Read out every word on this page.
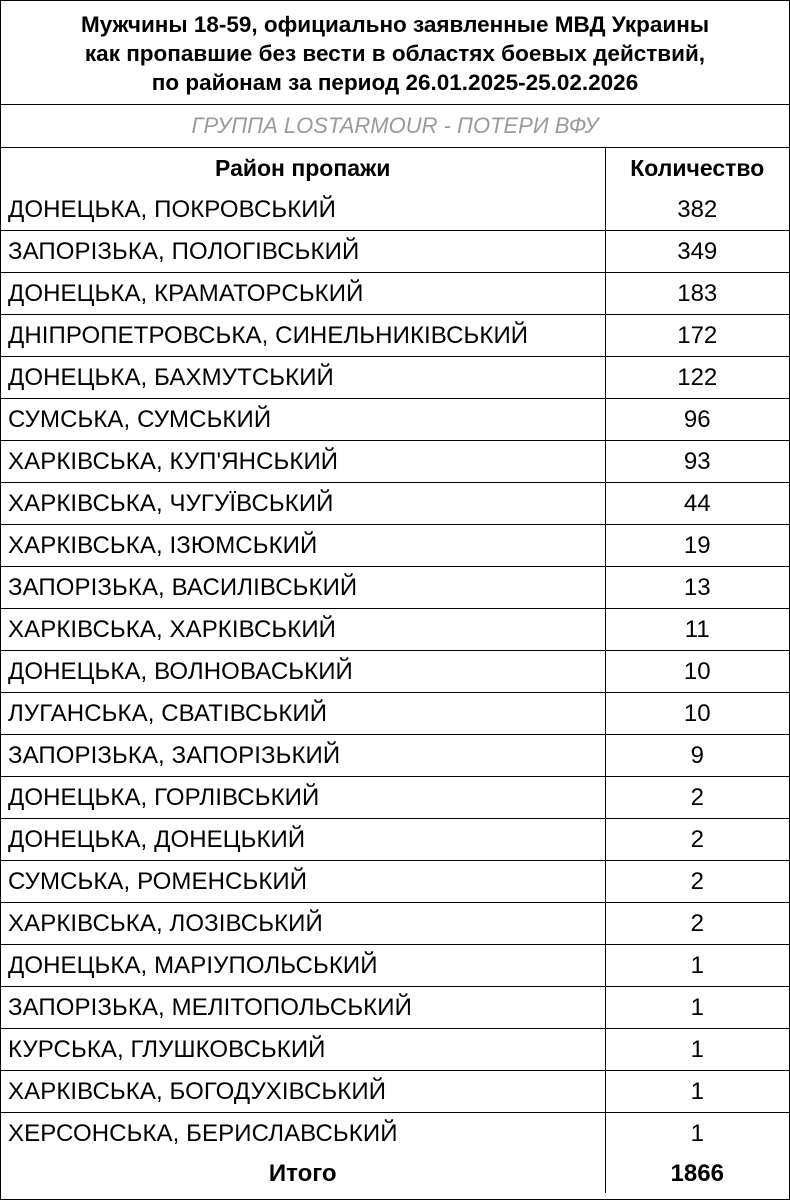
Мужчины 18-59, официально заявленные МВД Украины
как пропавшие без вести в областях боевых действий,
по районам за период 26.01.2025-25.02.2026
ГРУППА LOSTARMOUR - ПОТЕРИ ВФУ
Район пропажи	Количество
ДОНЕЦЬКА, ПОКРОВСЬКИЙ	382
ЗАПОРІЗЬКА, ПОЛОГІВСЬКИЙ	349
ДОНЕЦЬКА, КРАМАТОРСЬКИЙ	183
ДНІПРОПЕТРОВСЬКА, СИНЕЛЬНИКІВСЬКИЙ	172
ДОНЕЦЬКА, БАХМУТСЬКИЙ	122
СУМСЬКА, СУМСЬКИЙ	96
ХАРКІВСЬКА, КУП'ЯНСЬКИЙ	93
ХАРКІВСЬКА, ЧУГУЇВСЬКИЙ	44
ХАРКІВСЬКА, ІЗЮМСЬКИЙ	19
ЗАПОРІЗЬКА, ВАСИЛІВСЬКИЙ	13
ХАРКІВСЬКА, ХАРКІВСЬКИЙ	11
ДОНЕЦЬКА, ВОЛНОВАСЬКИЙ	10
ЛУГАНСЬКА, СВАТІВСЬКИЙ	10
ЗАПОРІЗЬКА, ЗАПОРІЗЬКИЙ	9
ДОНЕЦЬКА, ГОРЛІВСЬКИЙ	2
ДОНЕЦЬКА, ДОНЕЦЬКИЙ	2
СУМСЬКА, РОМЕНСЬКИЙ	2
ХАРКІВСЬКА, ЛОЗІВСЬКИЙ	2
ДОНЕЦЬКА, МАРІУПОЛЬСЬКИЙ	1
ЗАПОРІЗЬКА, МЕЛІТОПОЛЬСЬКИЙ	1
КУРСЬКА, ГЛУШКОВСЬКИЙ	1
ХАРКІВСЬКА, БОГОДУХІВСЬКИЙ	1
ХЕРСОНСЬКА, БЕРИСЛАВСЬКИЙ	1
Итого	1866
